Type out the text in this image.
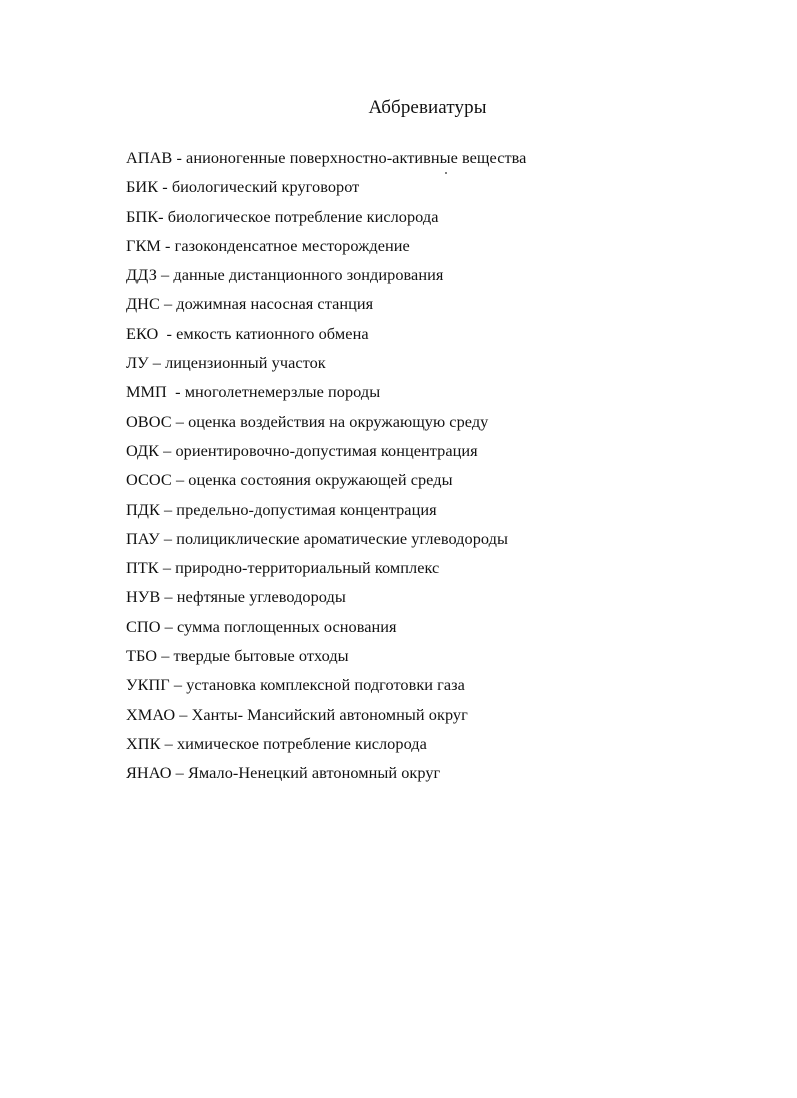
Аббревиатуры
АПАВ - анионогенные поверхностно-активные вещества
БИК - биологический круговорот
БПК- биологическое потребление кислорода
ГКМ - газоконденсатное месторождение
ДДЗ – данные дистанционного зондирования
ДНС – дожимная насосная станция
ЕКО  - емкость катионного обмена
ЛУ – лицензионный участок
ММП  - многолетнемерзлые породы
ОВОС – оценка воздействия на окружающую среду
ОДК – ориентировочно-допустимая концентрация
ОСОС – оценка состояния окружающей среды
ПДК – предельно-допустимая концентрация
ПАУ – полициклические ароматические углеводороды
ПТК – природно-территориальный комплекс
НУВ – нефтяные углеводороды
СПО – сумма поглощенных основания
ТБО – твердые бытовые отходы
УКПГ – установка комплексной подготовки газа
ХМАО – Ханты- Мансийский автономный округ
ХПК – химическое потребление кислорода
ЯНАО – Ямало-Ненецкий автономный округ
